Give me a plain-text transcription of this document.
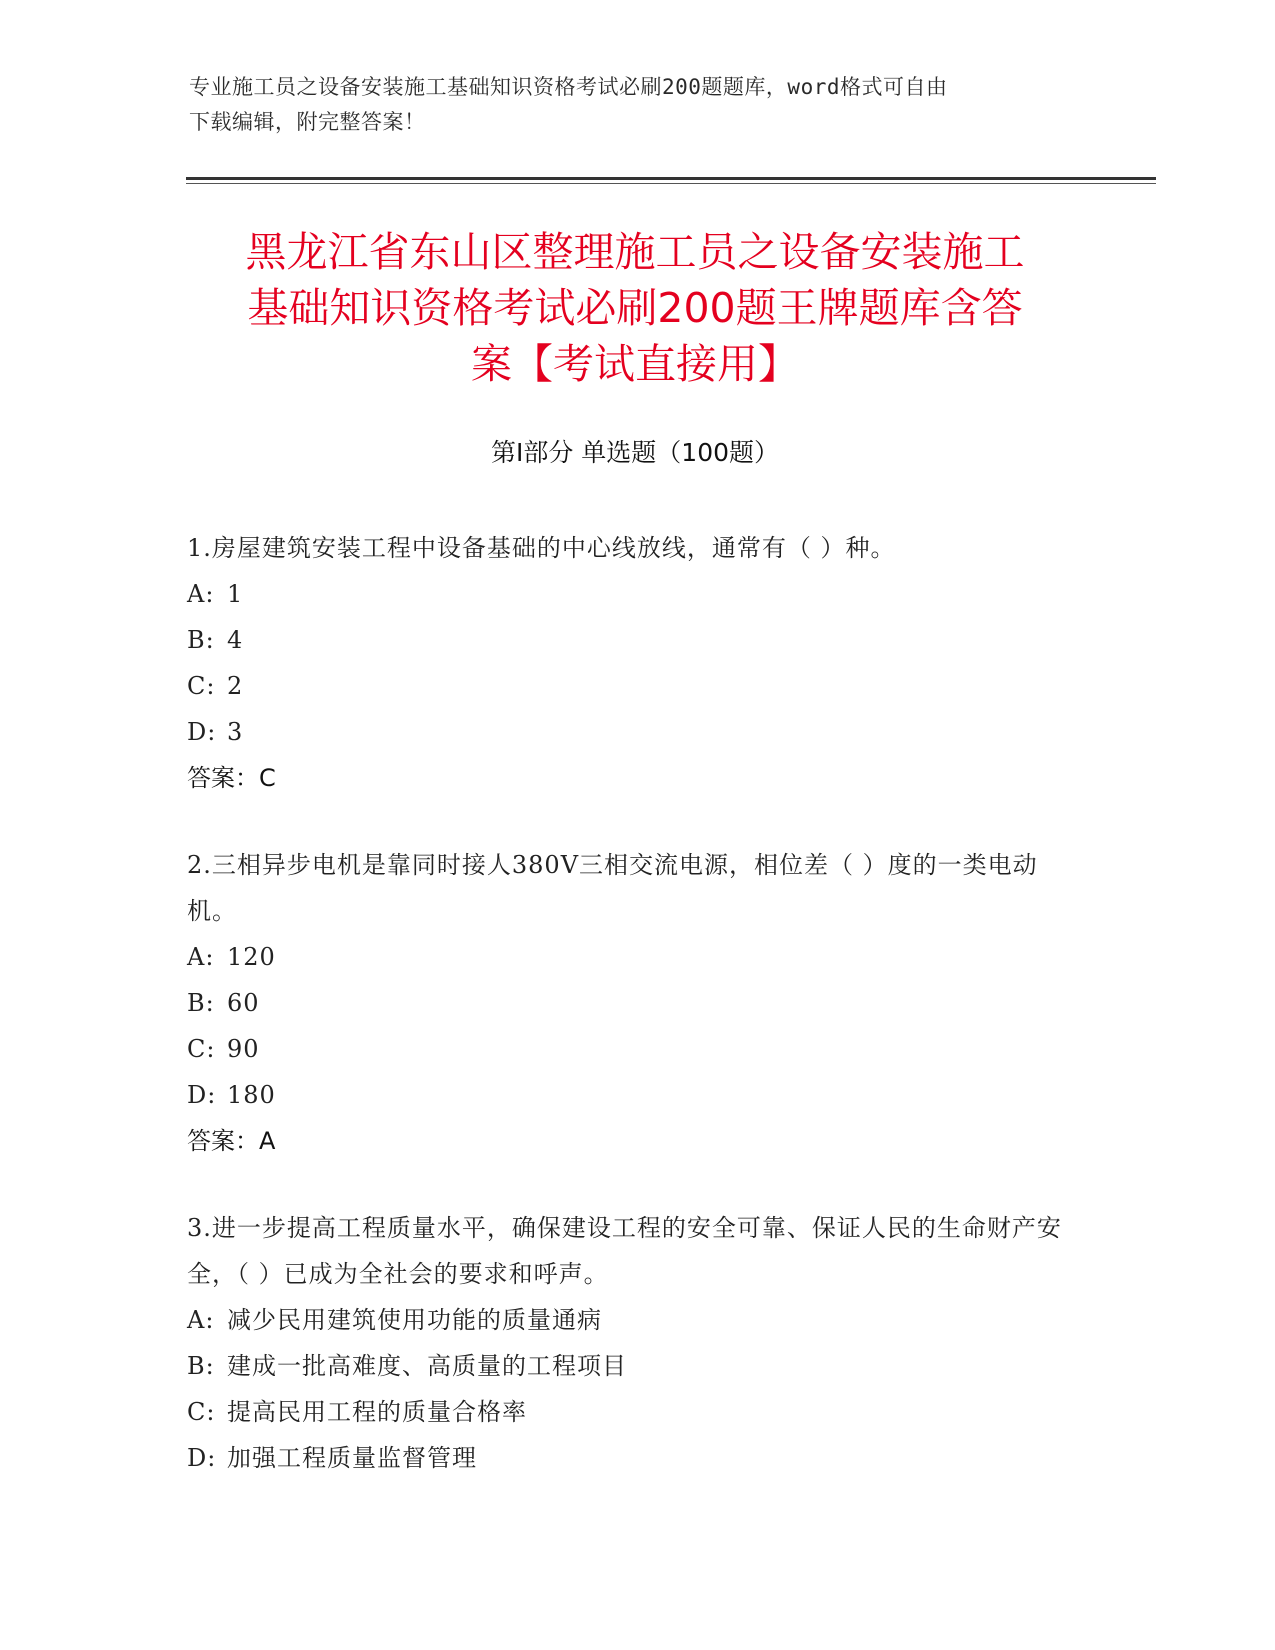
专业施工员之设备安装施工基础知识资格考试必刷200题题库，word格式可自由
下载编辑，附完整答案！
黑龙江省东山区整理施工员之设备安装施工
基础知识资格考试必刷200题王牌题库含答
案【考试直接用】
第Ⅰ部分 单选题（100题）
1.房屋建筑安装工程中设备基础的中心线放线，通常有（ ）种。
A: 1
B: 4
C: 2
D: 3
答案：C
2.三相异步电机是靠同时接人380V三相交流电源，相位差（ ）度的一类电动机。
A: 120
B: 60
C: 90
D: 180
答案：A
3.进一步提高工程质量水平，确保建设工程的安全可靠、保证人民的生命财产安全，（ ）已成为全社会的要求和呼声。
A: 减少民用建筑使用功能的质量通病
B: 建成一批高难度、高质量的工程项目
C: 提高民用工程的质量合格率
D: 加强工程质量监督管理
